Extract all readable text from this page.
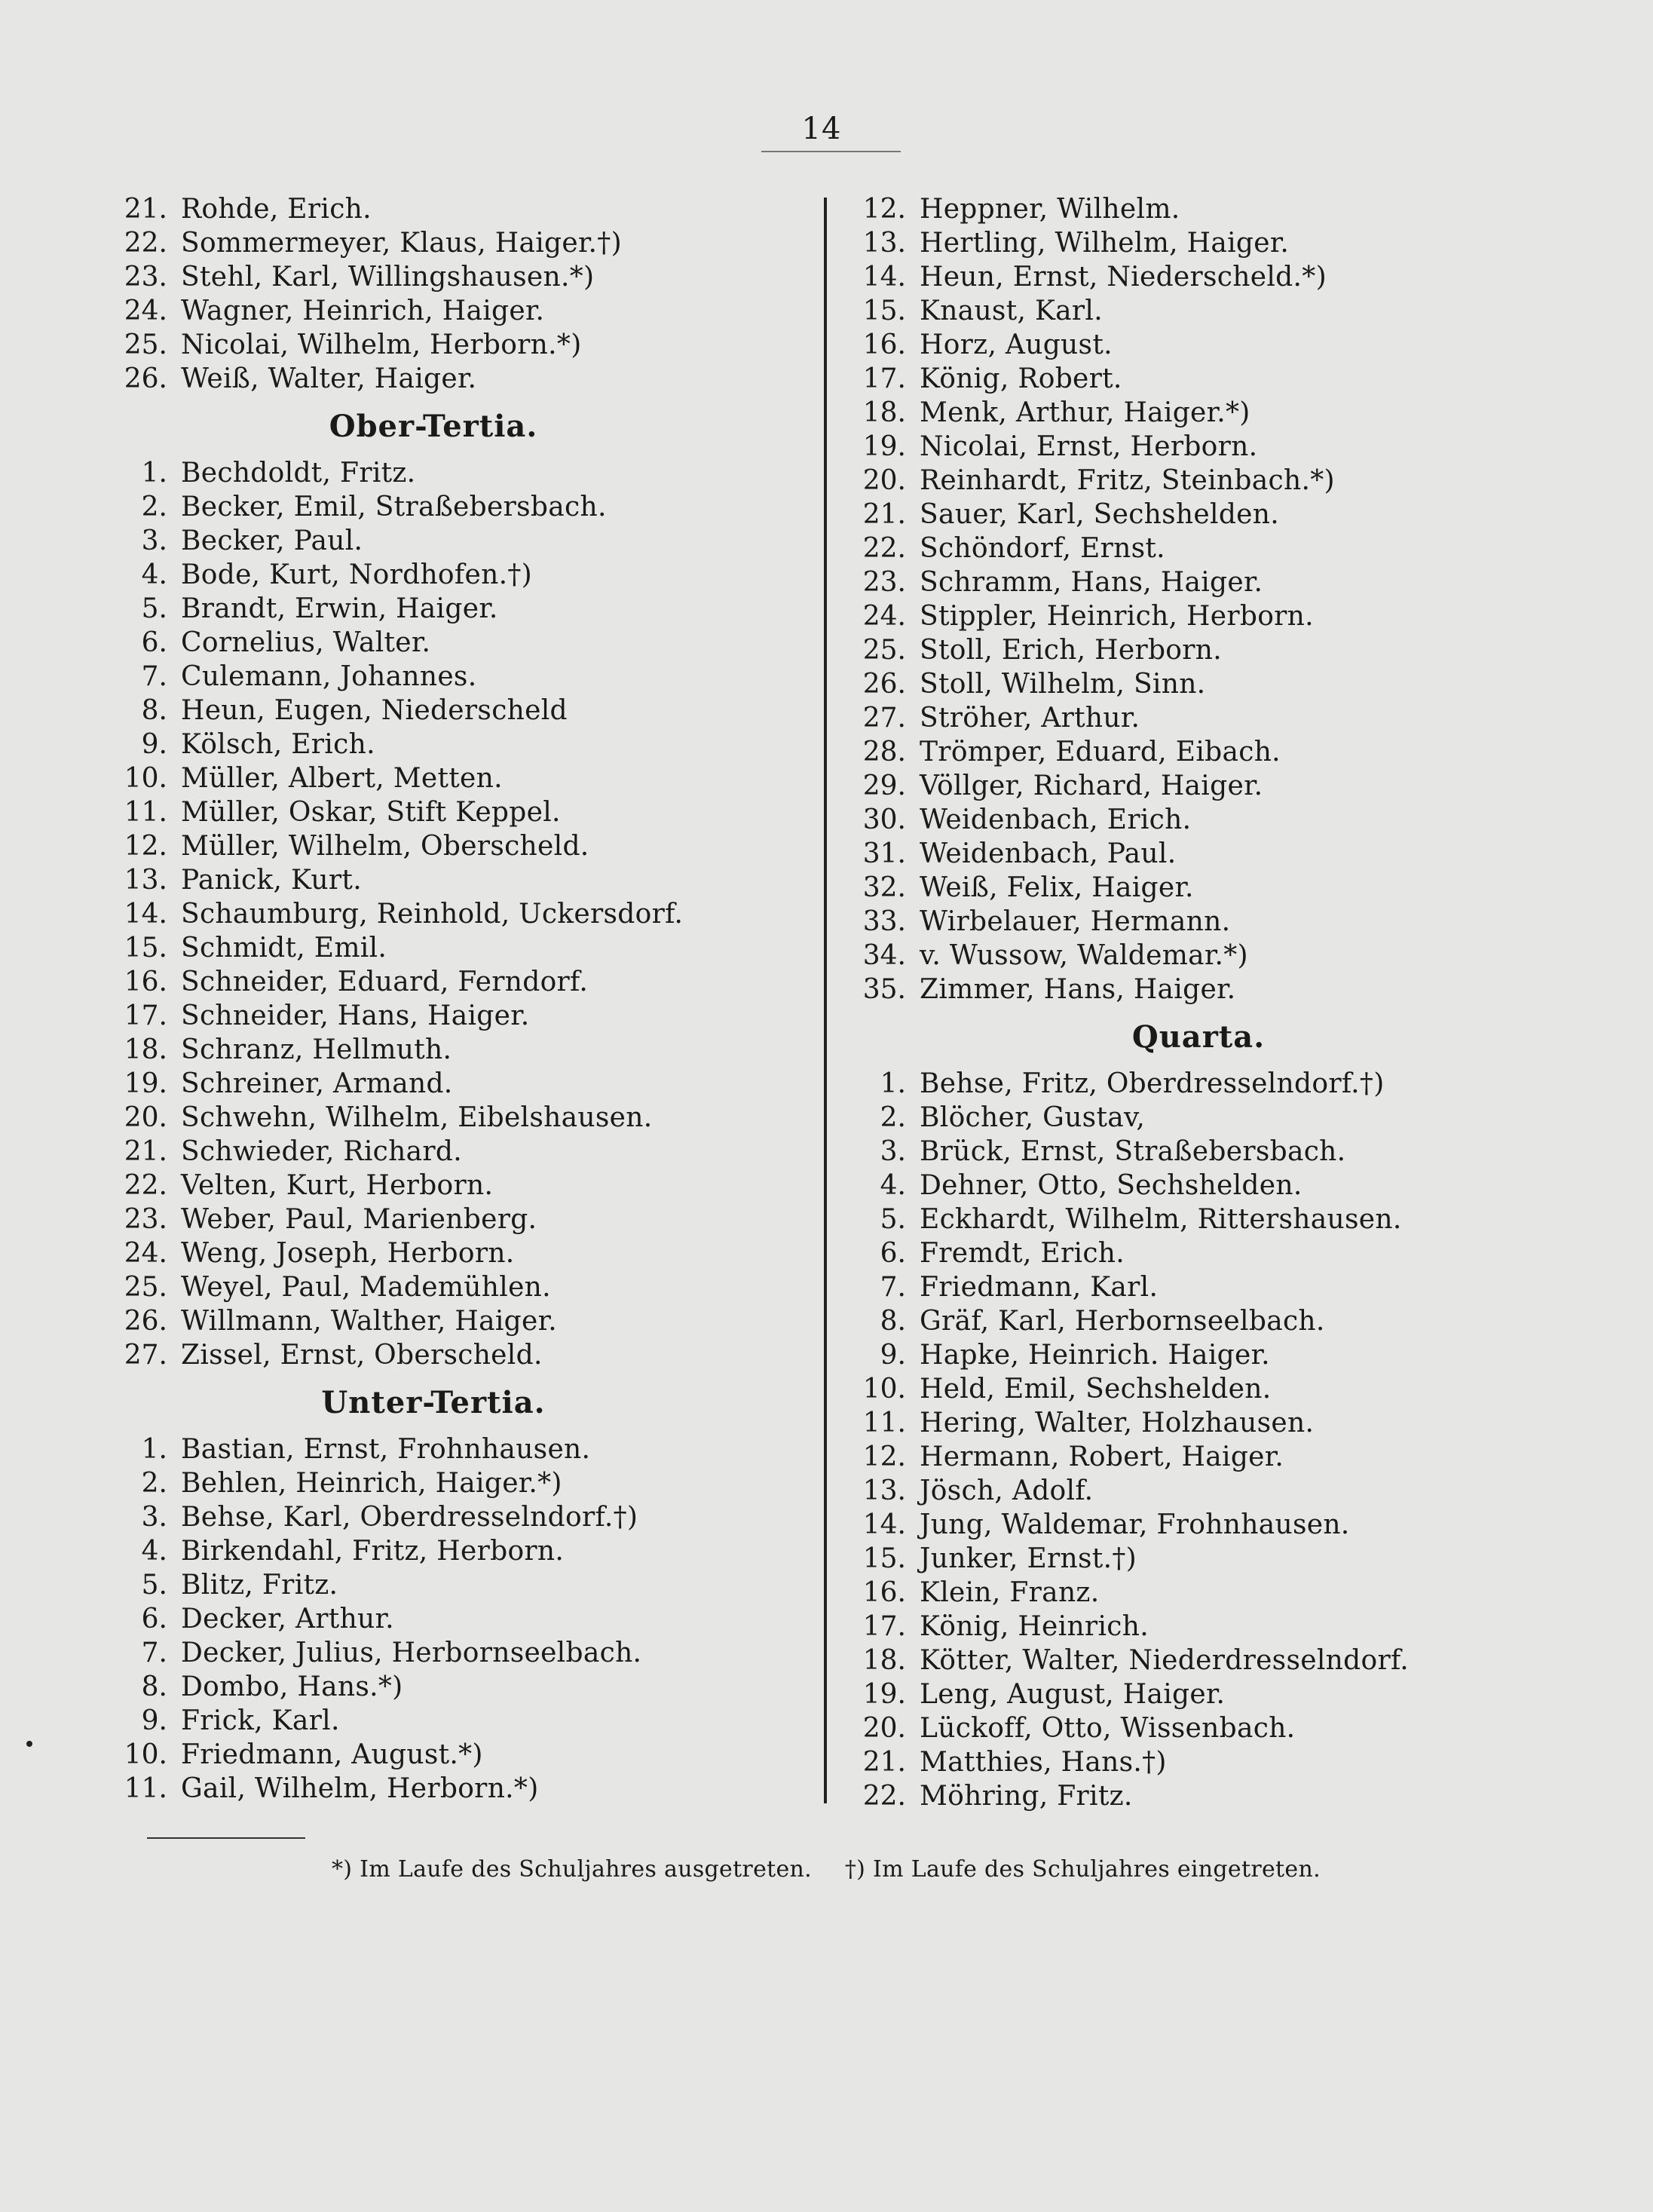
14
21. Rohde, Erich.
22. Sommermeyer, Klaus, Haiger.†)
23. Stehl, Karl, Willingshausen.*)
24. Wagner, Heinrich, Haiger.
25. Nicolai, Wilhelm, Herborn.*)
26. Weiß, Walter, Haiger.
Ober-Tertia.
1. Bechdoldt, Fritz.
2. Becker, Emil, Straßebersbach.
3. Becker, Paul.
4. Bode, Kurt, Nordhofen.†)
5. Brandt, Erwin, Haiger.
6. Cornelius, Walter.
7. Culemann, Johannes.
8. Heun, Eugen, Niederscheld
9. Kölsch, Erich.
10. Müller, Albert, Metten.
11. Müller, Oskar, Stift Keppel.
12. Müller, Wilhelm, Oberscheld.
13. Panick, Kurt.
14. Schaumburg, Reinhold, Uckersdorf.
15. Schmidt, Emil.
16. Schneider, Eduard, Ferndorf.
17. Schneider, Hans, Haiger.
18. Schranz, Hellmuth.
19. Schreiner, Armand.
20. Schwehn, Wilhelm, Eibelshausen.
21. Schwieder, Richard.
22. Velten, Kurt, Herborn.
23. Weber, Paul, Marienberg.
24. Weng, Joseph, Herborn.
25. Weyel, Paul, Mademühlen.
26. Willmann, Walther, Haiger.
27. Zissel, Ernst, Oberscheld.
Unter-Tertia.
1. Bastian, Ernst, Frohnhausen.
2. Behlen, Heinrich, Haiger.*)
3. Behse, Karl, Oberdresselndorf.†)
4. Birkendahl, Fritz, Herborn.
5. Blitz, Fritz.
6. Decker, Arthur.
7. Decker, Julius, Herbornseelbach.
8. Dombo, Hans.*)
9. Frick, Karl.
10. Friedmann, August.*)
11. Gail, Wilhelm, Herborn.*)
12. Heppner, Wilhelm.
13. Hertling, Wilhelm, Haiger.
14. Heun, Ernst, Niederscheld.*)
15. Knaust, Karl.
16. Horz, August.
17. König, Robert.
18. Menk, Arthur, Haiger.*)
19. Nicolai, Ernst, Herborn.
20. Reinhardt, Fritz, Steinbach.*)
21. Sauer, Karl, Sechshelden.
22. Schöndorf, Ernst.
23. Schramm, Hans, Haiger.
24. Stippler, Heinrich, Herborn.
25. Stoll, Erich, Herborn.
26. Stoll, Wilhelm, Sinn.
27. Ströher, Arthur.
28. Trömper, Eduard, Eibach.
29. Völlger, Richard, Haiger.
30. Weidenbach, Erich.
31. Weidenbach, Paul.
32. Weiß, Felix, Haiger.
33. Wirbelauer, Hermann.
34. v. Wussow, Waldemar.*)
35. Zimmer, Hans, Haiger.
Quarta.
1. Behse, Fritz, Oberdresselndorf.†)
2. Blöcher, Gustav,
3. Brück, Ernst, Straßebersbach.
4. Dehner, Otto, Sechshelden.
5. Eckhardt, Wilhelm, Rittershausen.
6. Fremdt, Erich.
7. Friedmann, Karl.
8. Gräf, Karl, Herbornseelbach.
9. Hapke, Heinrich. Haiger.
10. Held, Emil, Sechshelden.
11. Hering, Walter, Holzhausen.
12. Hermann, Robert, Haiger.
13. Jösch, Adolf.
14. Jung, Waldemar, Frohnhausen.
15. Junker, Ernst.†)
16. Klein, Franz.
17. König, Heinrich.
18. Kötter, Walter, Niederdresselndorf.
19. Leng, August, Haiger.
20. Lückoff, Otto, Wissenbach.
21. Matthies, Hans.†)
22. Möhring, Fritz.
*) Im Laufe des Schuljahres ausgetreten. †) Im Laufe des Schuljahres eingetreten.
